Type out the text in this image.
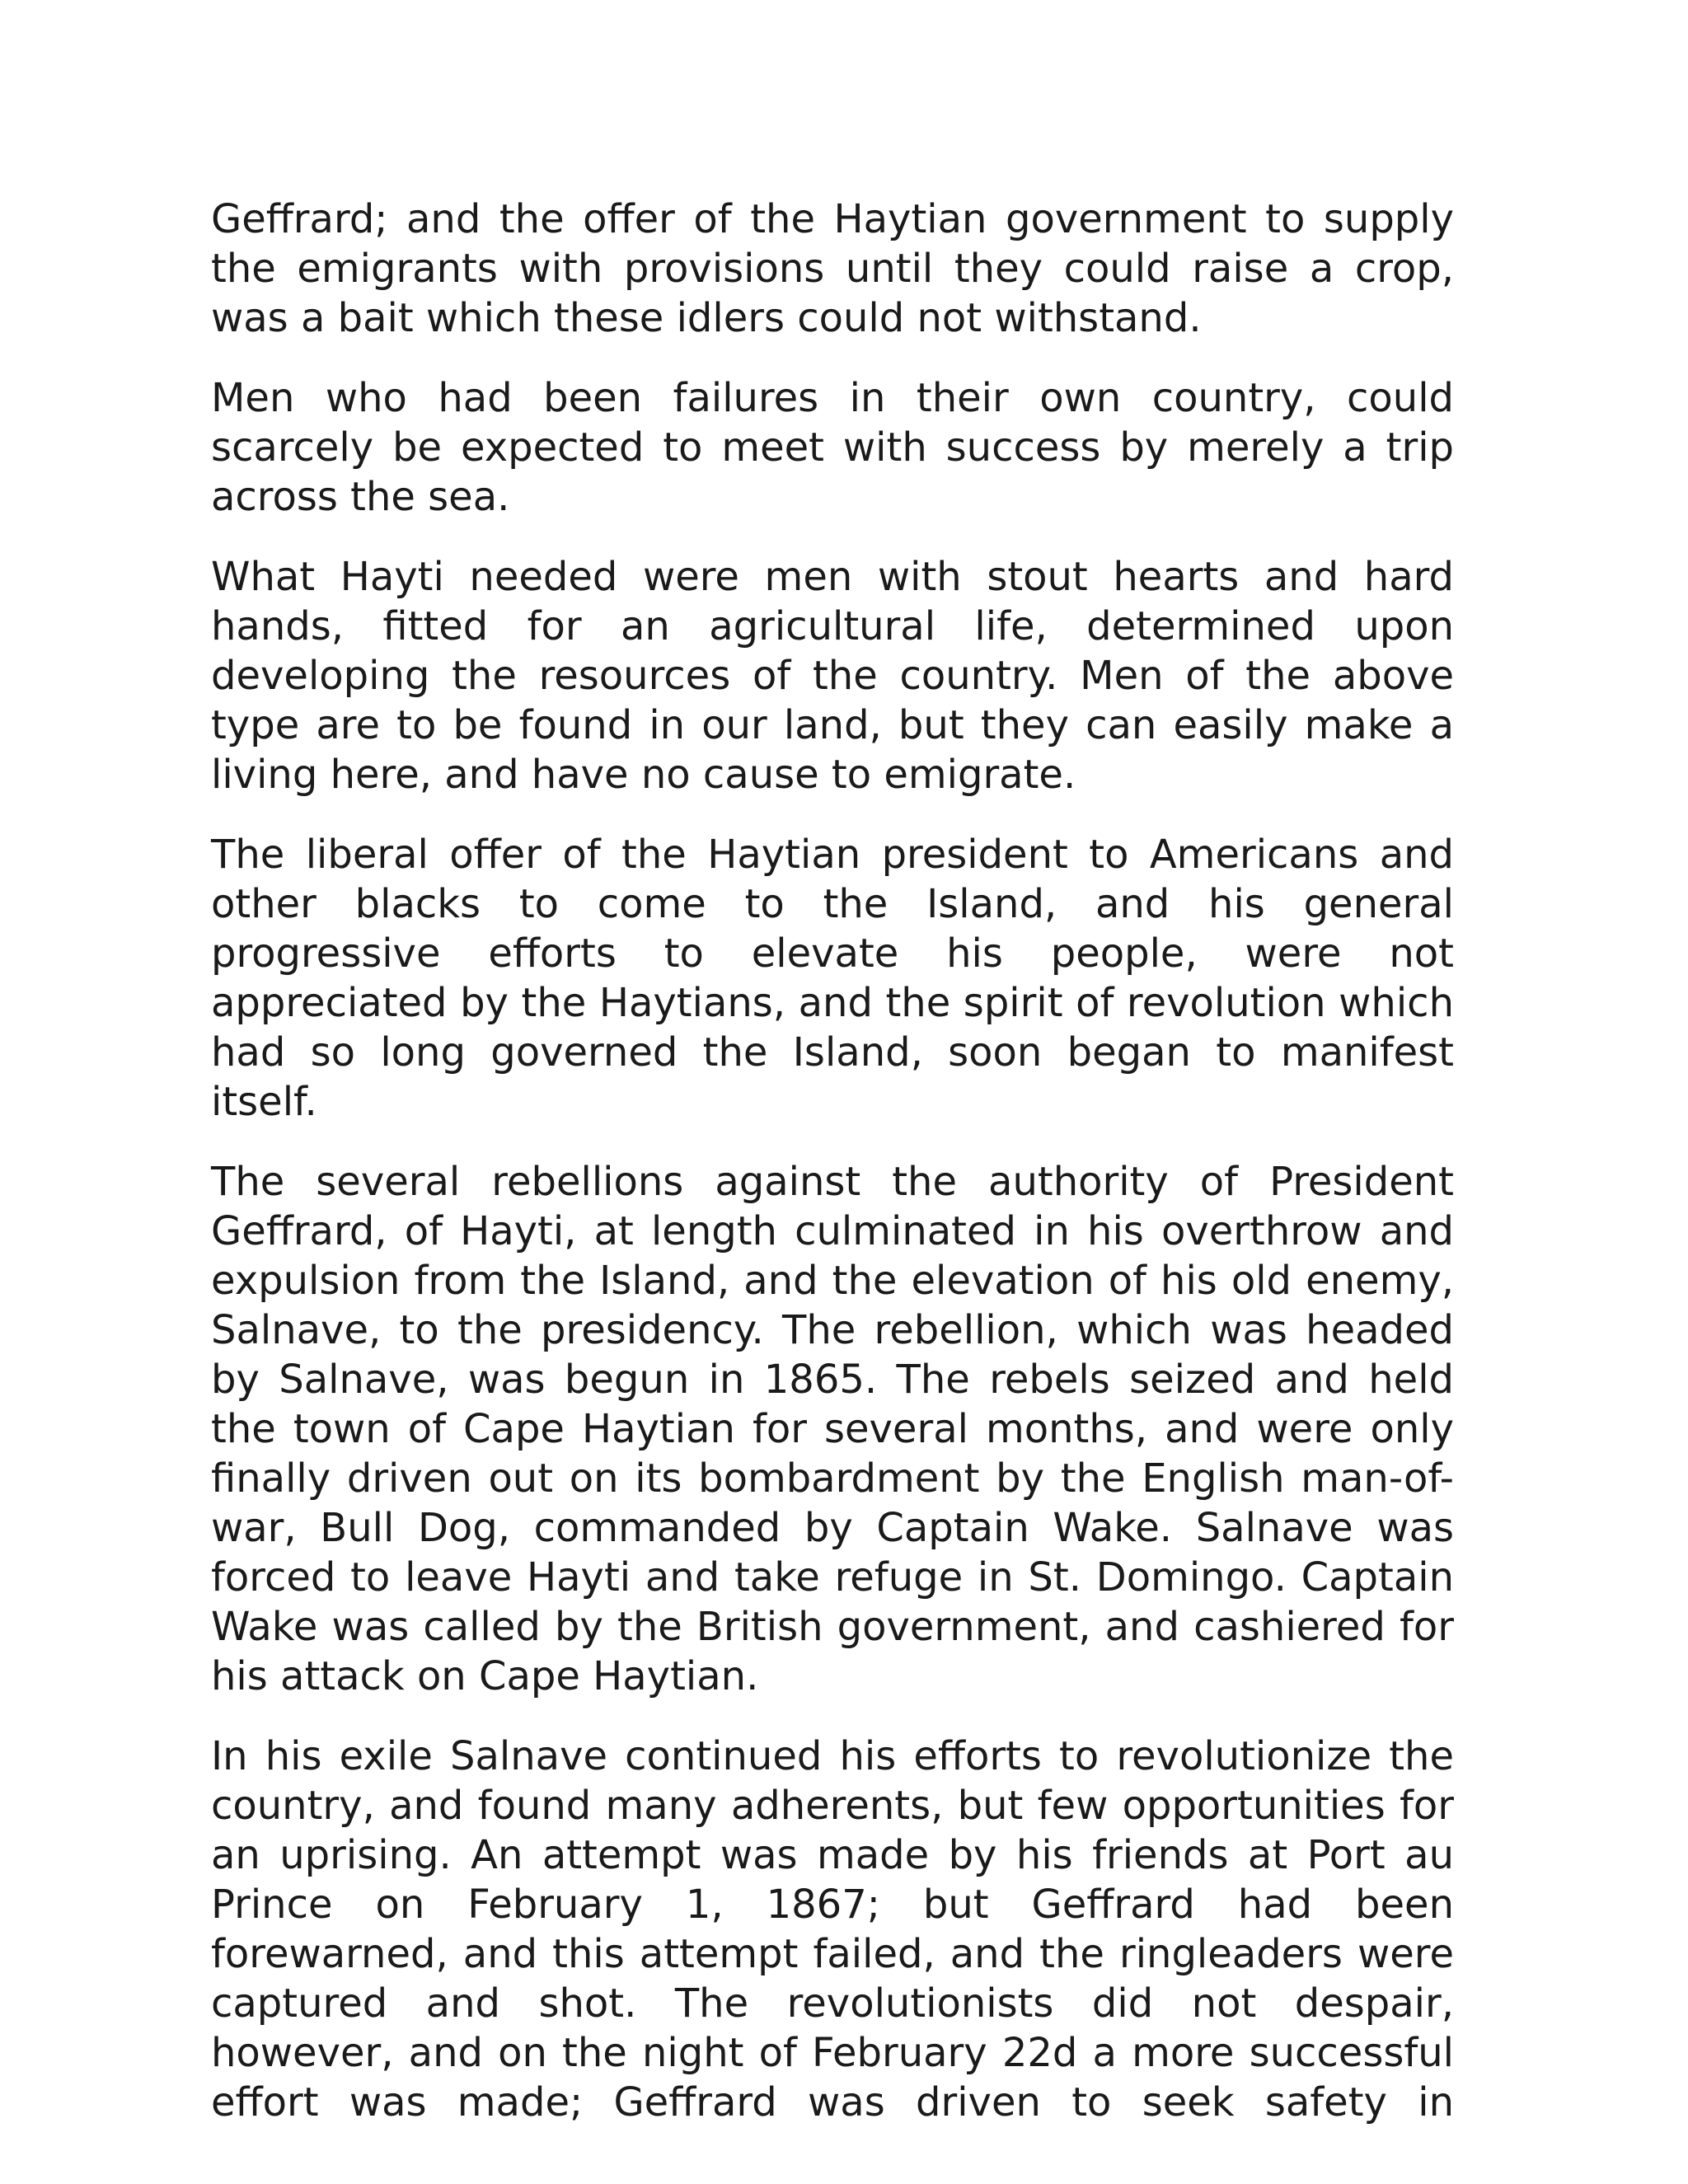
Geffrard; and the offer of the Haytian government to supply the emigrants with provisions until they could raise a crop, was a bait which these idlers could not withstand.

Men who had been failures in their own country, could scarcely be expected to meet with success by merely a trip across the sea.

What Hayti needed were men with stout hearts and hard hands, fitted for an agricultural life, determined upon developing the resources of the country. Men of the above type are to be found in our land, but they can easily make a living here, and have no cause to emigrate.

The liberal offer of the Haytian president to Americans and other blacks to come to the Island, and his general progressive efforts to elevate his people, were not appreciated by the Haytians, and the spirit of revolution which had so long governed the Island, soon began to manifest itself.

The several rebellions against the authority of President Geffrard, of Hayti, at length culminated in his overthrow and expulsion from the Island, and the elevation of his old enemy, Salnave, to the presidency. The rebellion, which was headed by Salnave, was begun in 1865. The rebels seized and held the town of Cape Haytian for several months, and were only finally driven out on its bombardment by the English man-of-war, Bull Dog, commanded by Captain Wake. Salnave was forced to leave Hayti and take refuge in St. Domingo. Captain Wake was called by the British government, and cashiered for his attack on Cape Haytian.

In his exile Salnave continued his efforts to revolutionize the country, and found many adherents, but few opportunities for an uprising. An attempt was made by his friends at Port au Prince on February 1, 1867; but Geffrard had been forewarned, and this attempt failed, and the ringleaders were captured and shot. The revolutionists did not despair, however, and on the night of February 22d a more successful effort was made; Geffrard was driven to seek safety in
